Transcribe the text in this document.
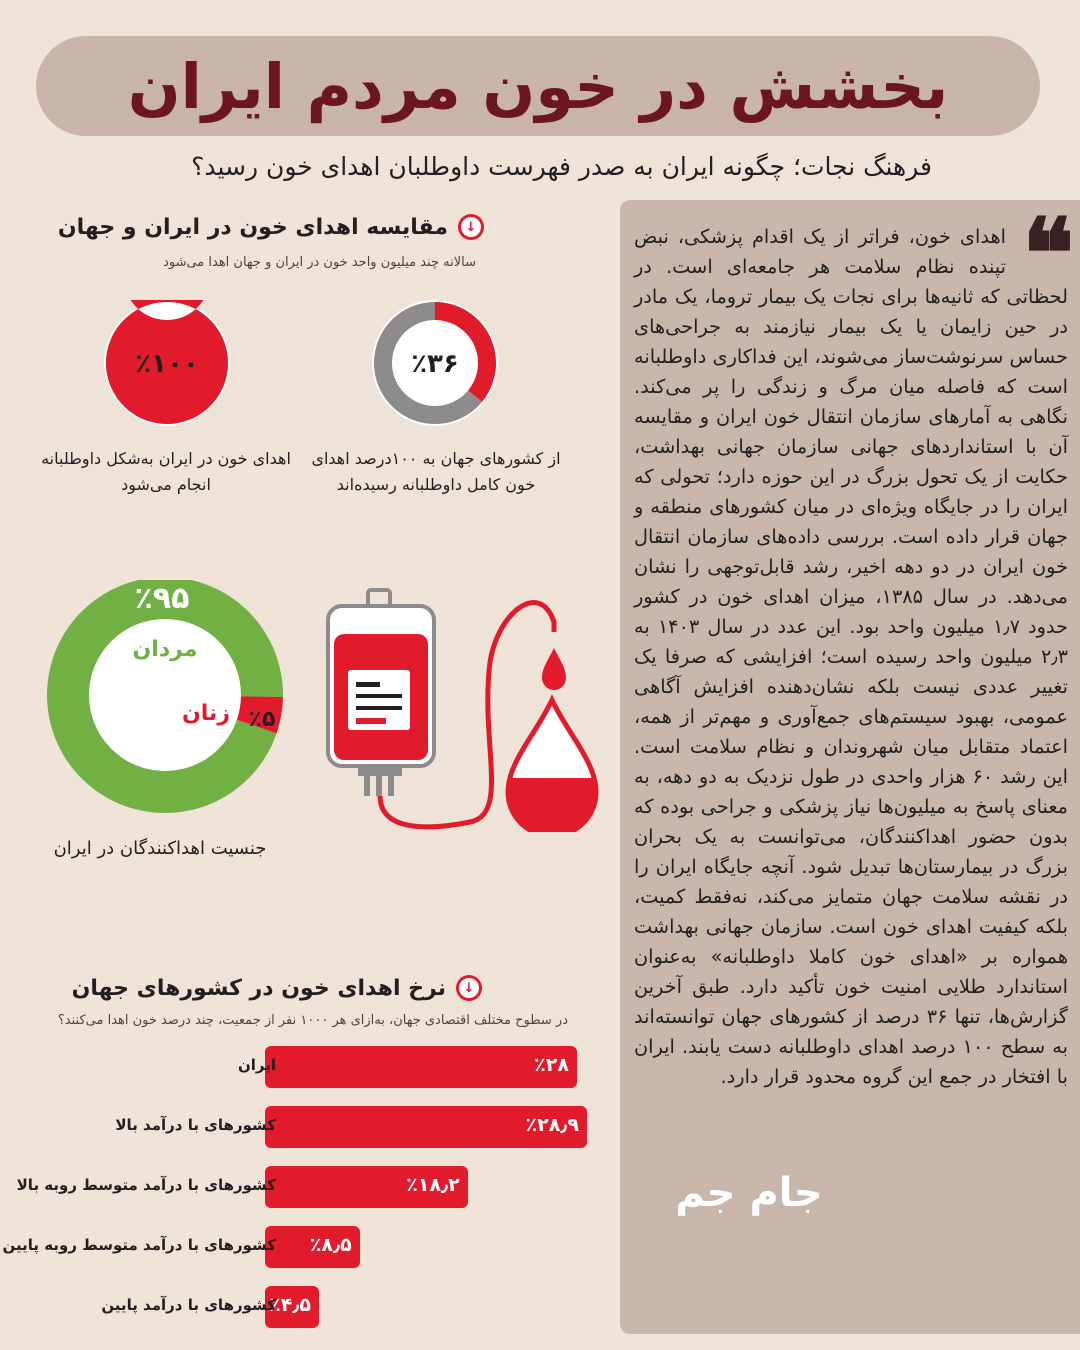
بخشش در خون مردم ایران
فرهنگ نجات؛ چگونه ایران به صدر فهرست داوطلبان اهدای خون رسید؟
❝

اهدای خون، فراتر از یک اقدام پزشکی، نبض تپنده نظام سلامت هر جامعه‌ای است. در لحظاتی که ثانیه‌ها برای نجات یک بیمار تروما، یک مادر در حین زایمان یا یک بیمار نیازمند به جراحی‌های حساس سرنوشت‌ساز می‌شوند، این فداکاری داوطلبانه است که فاصله میان مرگ و زندگی را پر می‌کند. نگاهی به آمارهای سازمان انتقال خون ایران و مقایسه آن با استانداردهای جهانی سازمان جهانی بهداشت، حکایت از یک تحول بزرگ در این حوزه دارد؛ تحولی که ایران را در جایگاه ویژه‌ای در میان کشورهای منطقه و جهان قرار داده است. بررسی داده‌های سازمان انتقال خون ایران در دو دهه اخیر، رشد قابل‌توجهی را نشان می‌دهد. در سال ۱۳۸۵، میزان اهدای خون در کشور حدود ۱٫۷ میلیون واحد بود. این عدد در سال ۱۴۰۳ به ۲٫۳ میلیون واحد رسیده است؛ افزایشی که صرفا یک تغییر عددی نیست بلکه نشان‌دهنده افزایش آگاهی عمومی، بهبود سیستم‌های جمع‌آوری و مهم‌تر از همه، اعتماد متقابل میان شهروندان و نظام سلامت است. این رشد ۶۰ هزار واحدی در طول نزدیک به دو دهه، به معنای پاسخ به میلیون‌ها نیاز پزشکی و جراحی بوده که بدون حضور اهداکنندگان، می‌توانست به یک بحران بزرگ در بیمارستان‌ها تبدیل شود. آنچه جایگاه ایران را در نقشه سلامت جهان متمایز می‌کند، نه‌فقط کمیت، بلکه کیفیت اهدای خون است. سازمان جهانی بهداشت همواره بر «اهدای خون کاملا داوطلبانه» به‌عنوان استاندارد طلایی امنیت خون تأکید دارد. طبق آخرین گزارش‌ها، تنها ۳۶ درصد از کشورهای جهان توانسته‌اند به سطح ۱۰۰ درصد اهدای داوطلبانه دست یابند. ایران با افتخار در جمع این گروه محدود قرار دارد.

جام جم
↓
مقایسه اهدای خون در ایران و جهان
سالانه چند میلیون واحد خون در ایران و جهان اهدا می‌شود
٪۳۶
از کشورهای جهان به ۱۰۰درصد اهدای خون کامل داوطلبانه رسیده‌اند
٪۱۰۰
اهدای خون در ایران به‌شکل داوطلبانه انجام می‌شود
٪۹۵
مردان
زنان ٪۵
جنسیت اهداکنندگان در ایران
↓
نرخ اهدای خون در کشورهای جهان
در سطوح مختلف اقتصادی جهان، به‌ازای هر ۱۰۰۰ نفر از جمعیت، چند درصد خون اهدا می‌کنند؟
٪۲۸
ایران
٪۲۸٫۹
کشورهای با درآمد بالا
٪۱۸٫۲
کشورهای با درآمد متوسط روبه بالا
٪۸٫۵
کشورهای با درآمد متوسط روبه پایین
٪۴٫۵
کشورهای با درآمد پایین
